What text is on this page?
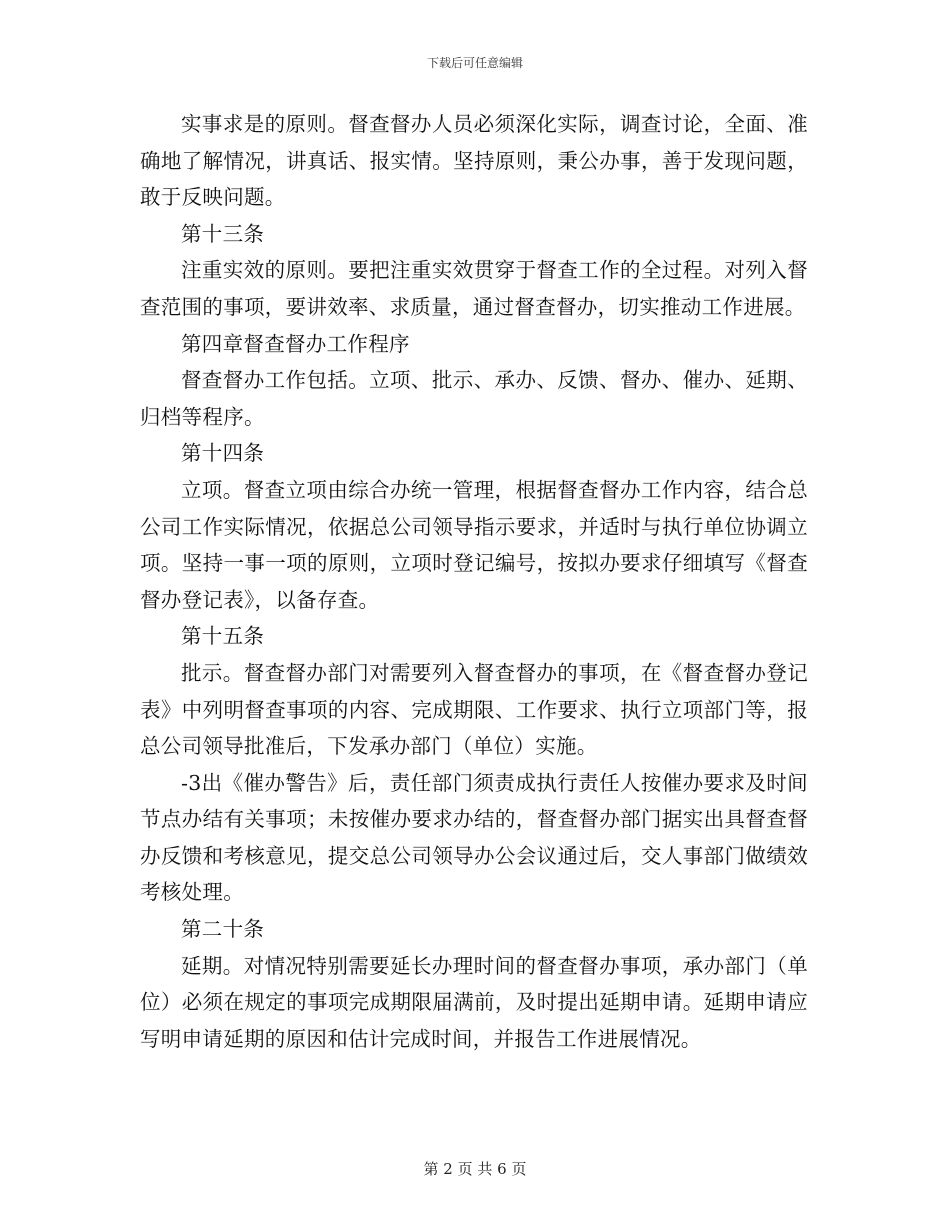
下载后可任意编辑

实事求是的原则。督查督办人员必须深化实际，调查讨论，全面、准确地了解情况，讲真话、报实情。坚持原则，秉公办事，善于发现问题，敢于反映问题。

第十三条

注重实效的原则。要把注重实效贯穿于督查工作的全过程。对列入督查范围的事项，要讲效率、求质量，通过督查督办，切实推动工作进展。

第四章督查督办工作程序

督查督办工作包括。立项、批示、承办、反馈、督办、催办、延期、归档等程序。

第十四条

立项。督查立项由综合办统一管理，根据督查督办工作内容，结合总公司工作实际情况，依据总公司领导指示要求，并适时与执行单位协调立项。坚持一事一项的原则，立项时登记编号，按拟办要求仔细填写《督查督办登记表》，以备存查。

第十五条

批示。督查督办部门对需要列入督查督办的事项，在《督查督办登记表》中列明督查事项的内容、完成期限、工作要求、执行立项部门等，报总公司领导批准后，下发承办部门（单位）实施。

-3出《催办警告》后，责任部门须责成执行责任人按催办要求及时间节点办结有关事项；未按催办要求办结的，督查督办部门据实出具督查督办反馈和考核意见，提交总公司领导办公会议通过后，交人事部门做绩效考核处理。

第二十条

延期。对情况特别需要延长办理时间的督查督办事项，承办部门（单位）必须在规定的事项完成期限届满前，及时提出延期申请。延期申请应写明申请延期的原因和估计完成时间，并报告工作进展情况。

第 2 页 共 6 页
